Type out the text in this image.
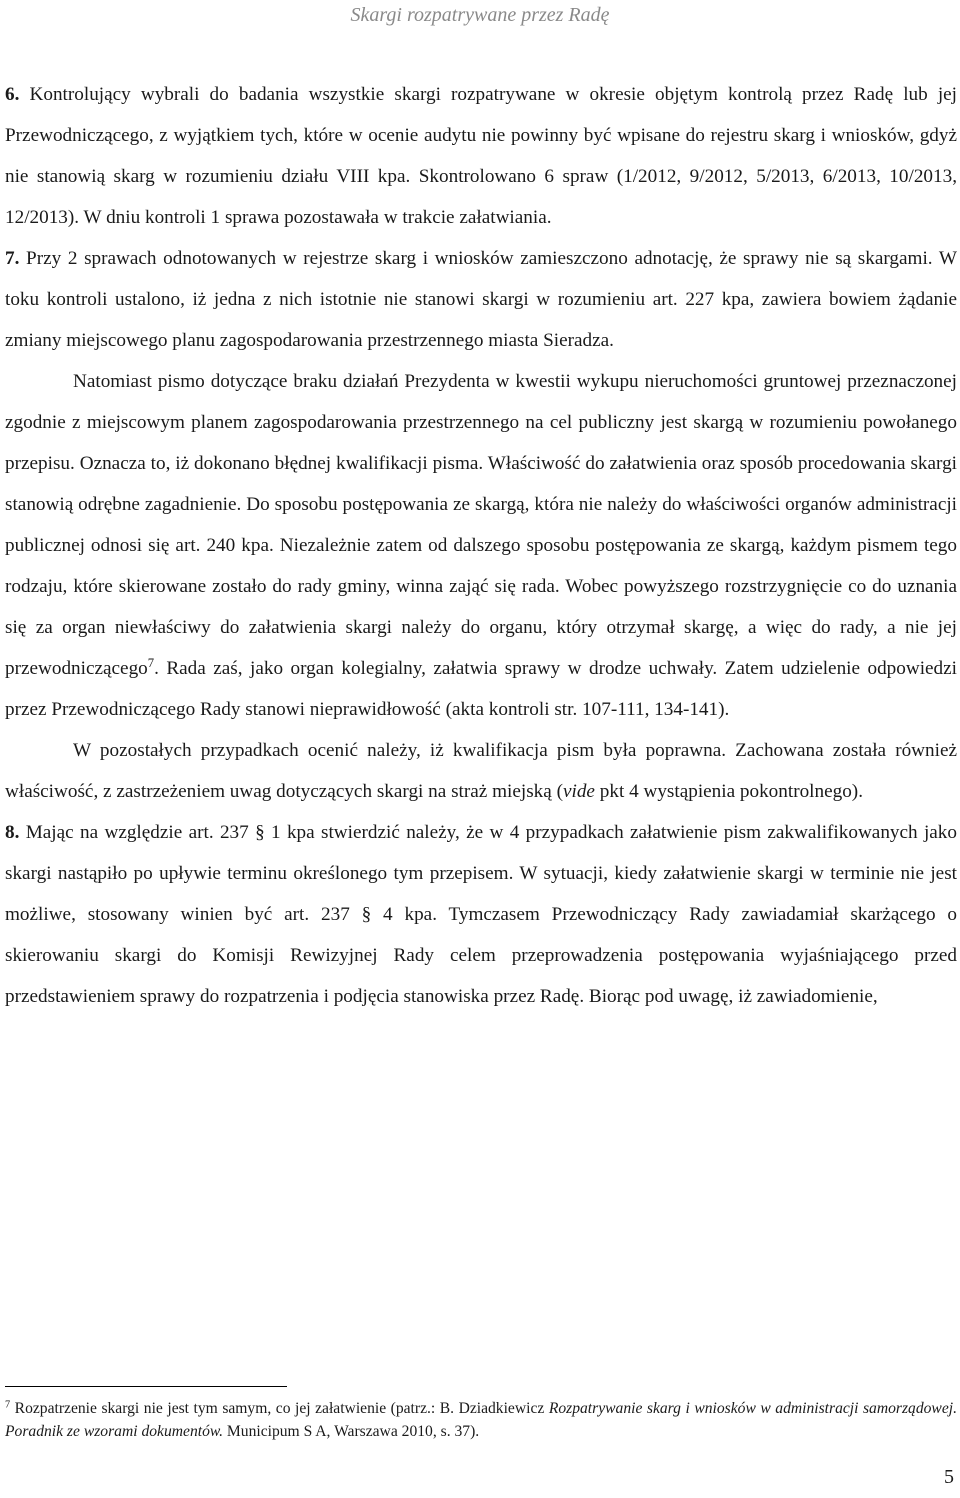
Skargi rozpatrywane przez Radę

6. Kontrolujący wybrali do badania wszystkie skargi rozpatrywane w okresie objętym kontrolą przez Radę lub jej Przewodniczącego, z wyjątkiem tych, które w ocenie audytu nie powinny być wpisane do rejestru skarg i wniosków, gdyż nie stanowią skarg w rozumieniu działu VIII kpa. Skontrolowano 6 spraw (1/2012, 9/2012, 5/2013, 6/2013, 10/2013, 12/2013). W dniu kontroli 1 sprawa pozostawała w trakcie załatwiania.

7. Przy 2 sprawach odnotowanych w rejestrze skarg i wniosków zamieszczono adnotację, że sprawy nie są skargami. W toku kontroli ustalono, iż jedna z nich istotnie nie stanowi skargi w rozumieniu art. 227 kpa, zawiera bowiem żądanie zmiany miejscowego planu zagospodarowania przestrzennego miasta Sieradza.

Natomiast pismo dotyczące braku działań Prezydenta w kwestii wykupu nieruchomości gruntowej przeznaczonej zgodnie z miejscowym planem zagospodarowania przestrzennego na cel publiczny jest skargą w rozumieniu powołanego przepisu. Oznacza to, iż dokonano błędnej kwalifikacji pisma. Właściwość do załatwienia oraz sposób procedowania skargi stanowią odrębne zagadnienie. Do sposobu postępowania ze skargą, która nie należy do właściwości organów administracji publicznej odnosi się art. 240 kpa. Niezależnie zatem od dalszego sposobu postępowania ze skargą, każdym pismem tego rodzaju, które skierowane zostało do rady gminy, winna zająć się rada. Wobec powyższego rozstrzygnięcie co do uznania się za organ niewłaściwy do załatwienia skargi należy do organu, który otrzymał skargę, a więc do rady, a nie jej przewodniczącego$^7$. Rada zaś, jako organ kolegialny, załatwia sprawy w drodze uchwały. Zatem udzielenie odpowiedzi przez Przewodniczącego Rady stanowi nieprawidłowość (akta kontroli str. 107-111, 134-141).

W pozostałych przypadkach ocenić należy, iż kwalifikacja pism była poprawna. Zachowana została również właściwość, z zastrzeżeniem uwag dotyczących skargi na straż miejską (vide pkt 4 wystąpienia pokontrolnego).

8. Mając na względzie art. 237 § 1 kpa stwierdzić należy, że w 4 przypadkach załatwienie pism zakwalifikowanych jako skargi nastąpiło po upływie terminu określonego tym przepisem. W sytuacji, kiedy załatwienie skargi w terminie nie jest możliwe, stosowany winien być art. 237 § 4 kpa. Tymczasem Przewodniczący Rady zawiadamiał skarżącego o skierowaniu skargi do Komisji Rewizyjnej Rady celem przeprowadzenia postępowania wyjaśniającego przed przedstawieniem sprawy do rozpatrzenia i podjęcia stanowiska przez Radę. Biorąc pod uwagę, iż zawiadomienie,

$^7$ Rozpatrzenie skargi nie jest tym samym, co jej załatwienie (patrz.: B. Dziadkiewicz Rozpatrywanie skarg i wniosków w administracji samorządowej. Poradnik ze wzorami dokumentów. Municipum S A, Warszawa 2010, s. 37).
5
